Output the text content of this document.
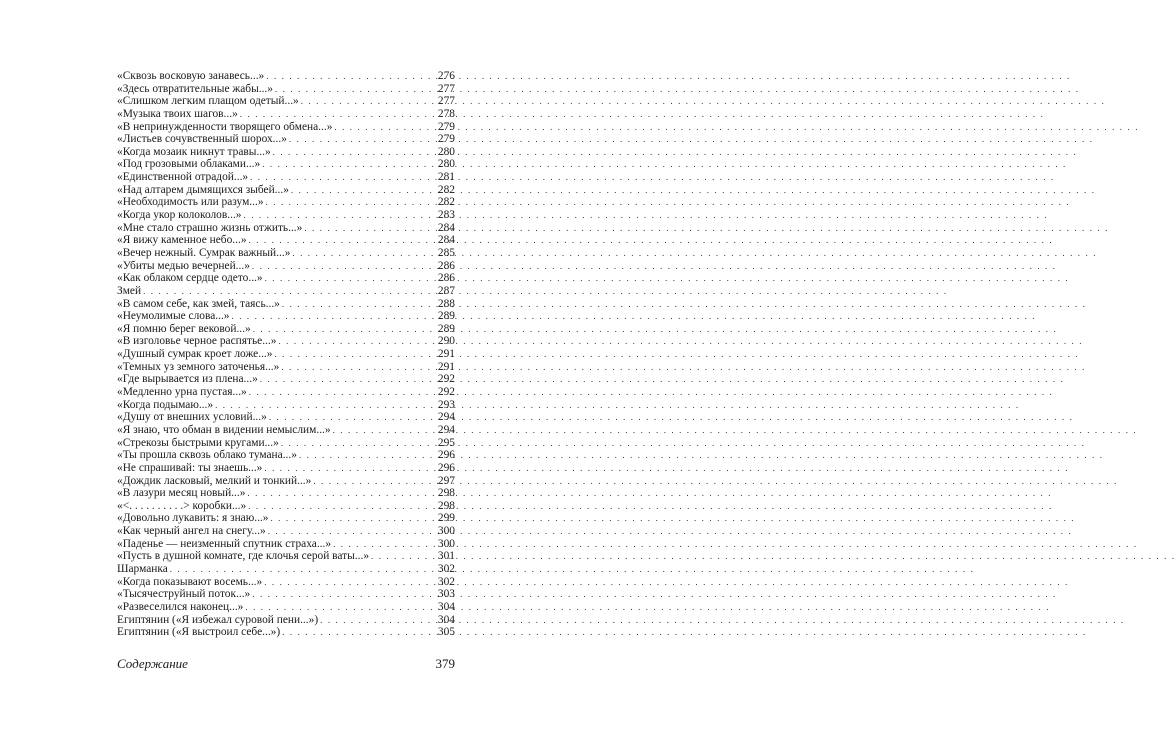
«Сквозь восковую занавесь...» . . .	276
«Здесь отвратительные жабы...» . . .	277
«Слишком легким плащом одетый...» . . .	277
«Музыка твоих шагов...» . . .	278
«В непринужденности творящего обмена...» . . .	279
«Листьев сочувственный шорох...» . . .	279
«Когда мозаик никнут травы...» . . .	280
«Под грозовыми облаками...» . . .	280
«Единственной отрадой...» . . .	281
«Над алтарем дымящихся зыбей...» . . .	282
«Необходимость или разум...» . . .	282
«Когда укор колоколов...» . . .	283
«Мне стало страшно жизнь отжить...» . . .	284
«Я вижу каменное небо...» . . .	284
«Вечер нежный. Сумрак важный...» . . .	285
«Убиты медью вечерней...» . . .	286
«Как облаком сердце одето...» . . .	286
Змей . . .	287
«В самом себе, как змей, таясь...» . . .	288
«Неумолимые слова...» . . .	289
«Я помню берег вековой...» . . .	289
«В изголовье черное распятье...» . . .	290
«Душный сумрак кроет ложе...» . . .	291
«Темных уз земного заточенья...» . . .	291
«Где вырывается из плена...» . . .	292
«Медленно урна пустая...» . . .	292
«Когда подымаю...» . . .	293
«Душу от внешних условий...» . . .	294
«Я знаю, что обман в видении немыслим...» . . .	294
«Стрекозы быстрыми кругами...» . . .	295
«Ты прошла сквозь облако тумана...» . . .	296
«Не спрашивай: ты знаешь...» . . .	296
«Дождик ласковый, мелкий и тонкий...» . . .	297
«В лазури месяц новый...» . . .	298
«<. . . . . . . . . .> коробки...» . . .	298
«Довольно лукавить: я знаю...» . . .	299
«Как черный ангел на снегу...» . . .	300
«Паденье — неизменный спутник страха...» . . .	300
«Пусть в душной комнате, где клочья серой ваты...» . . .	301
Шарманка . . .	302
«Когда показывают восемь...» . . .	302
«Тысячеструйный поток...» . . .	303
«Развеселился наконец...» . . .	304
Египтянин («Я избежал суровой пени...») . . .	304
Египтянин («Я выстроил себе...») . . .	305
Содержание	379
